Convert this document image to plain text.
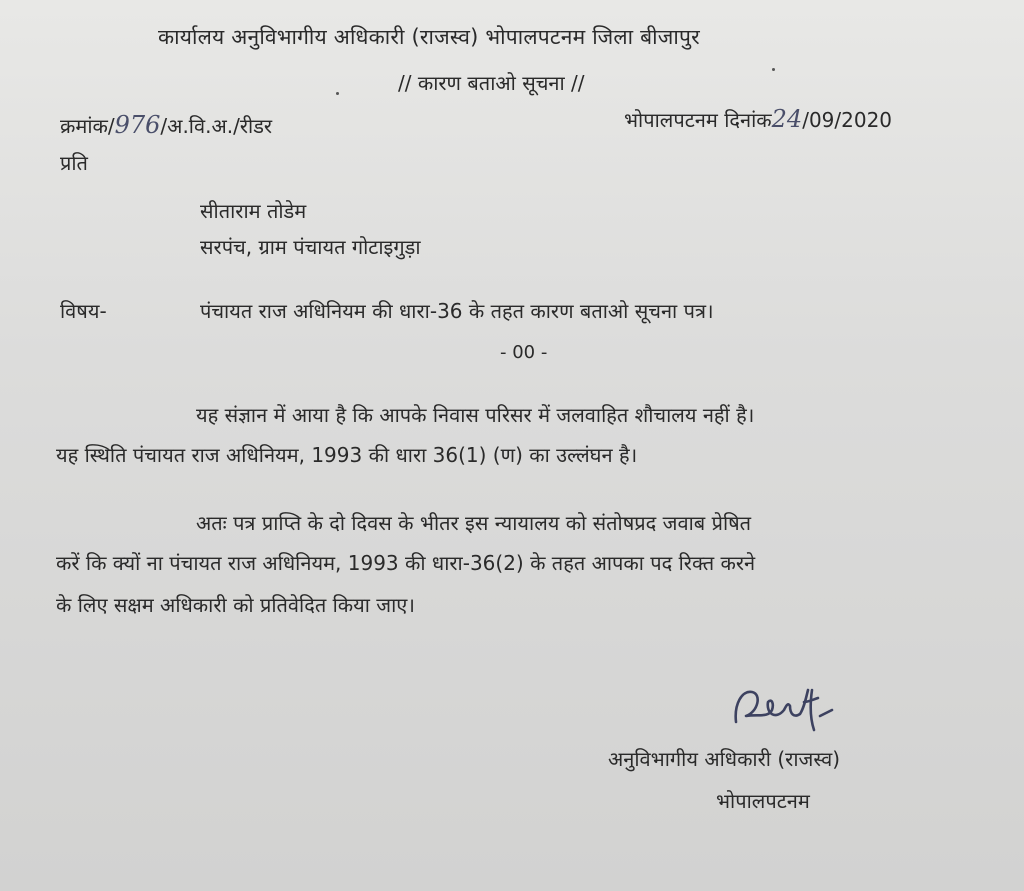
कार्यालय अनुविभागीय अधिकारी (राजस्व) भोपालपटनम जिला बीजापुर
// कारण बताओ सूचना //
क्रमांक/976/अ.वि.अ./रीडर	भोपालपटनम दिनांक24/09/2020
प्रति
सीताराम तोडेम
सरपंच, ग्राम पंचायत गोटाइगुड़ा
विषय-	पंचायत राज अधिनियम की धारा-36 के तहत कारण बताओ सूचना पत्र।
- 00 -
यह संज्ञान में आया है कि आपके निवास परिसर में जलवाहित शौचालय नहीं है।
यह स्थिति पंचायत राज अधिनियम, 1993 की धारा 36(1) (ण) का उल्लंघन है।
अतः पत्र प्राप्ति के दो दिवस के भीतर इस न्यायालय को संतोषप्रद जवाब प्रेषित
करें कि क्यों ना पंचायत राज अधिनियम, 1993 की धारा-36(2) के तहत आपका पद रिक्त करने
के लिए सक्षम अधिकारी को प्रतिवेदित किया जाए।
अनुविभागीय अधिकारी (राजस्व)
भोपालपटनम
